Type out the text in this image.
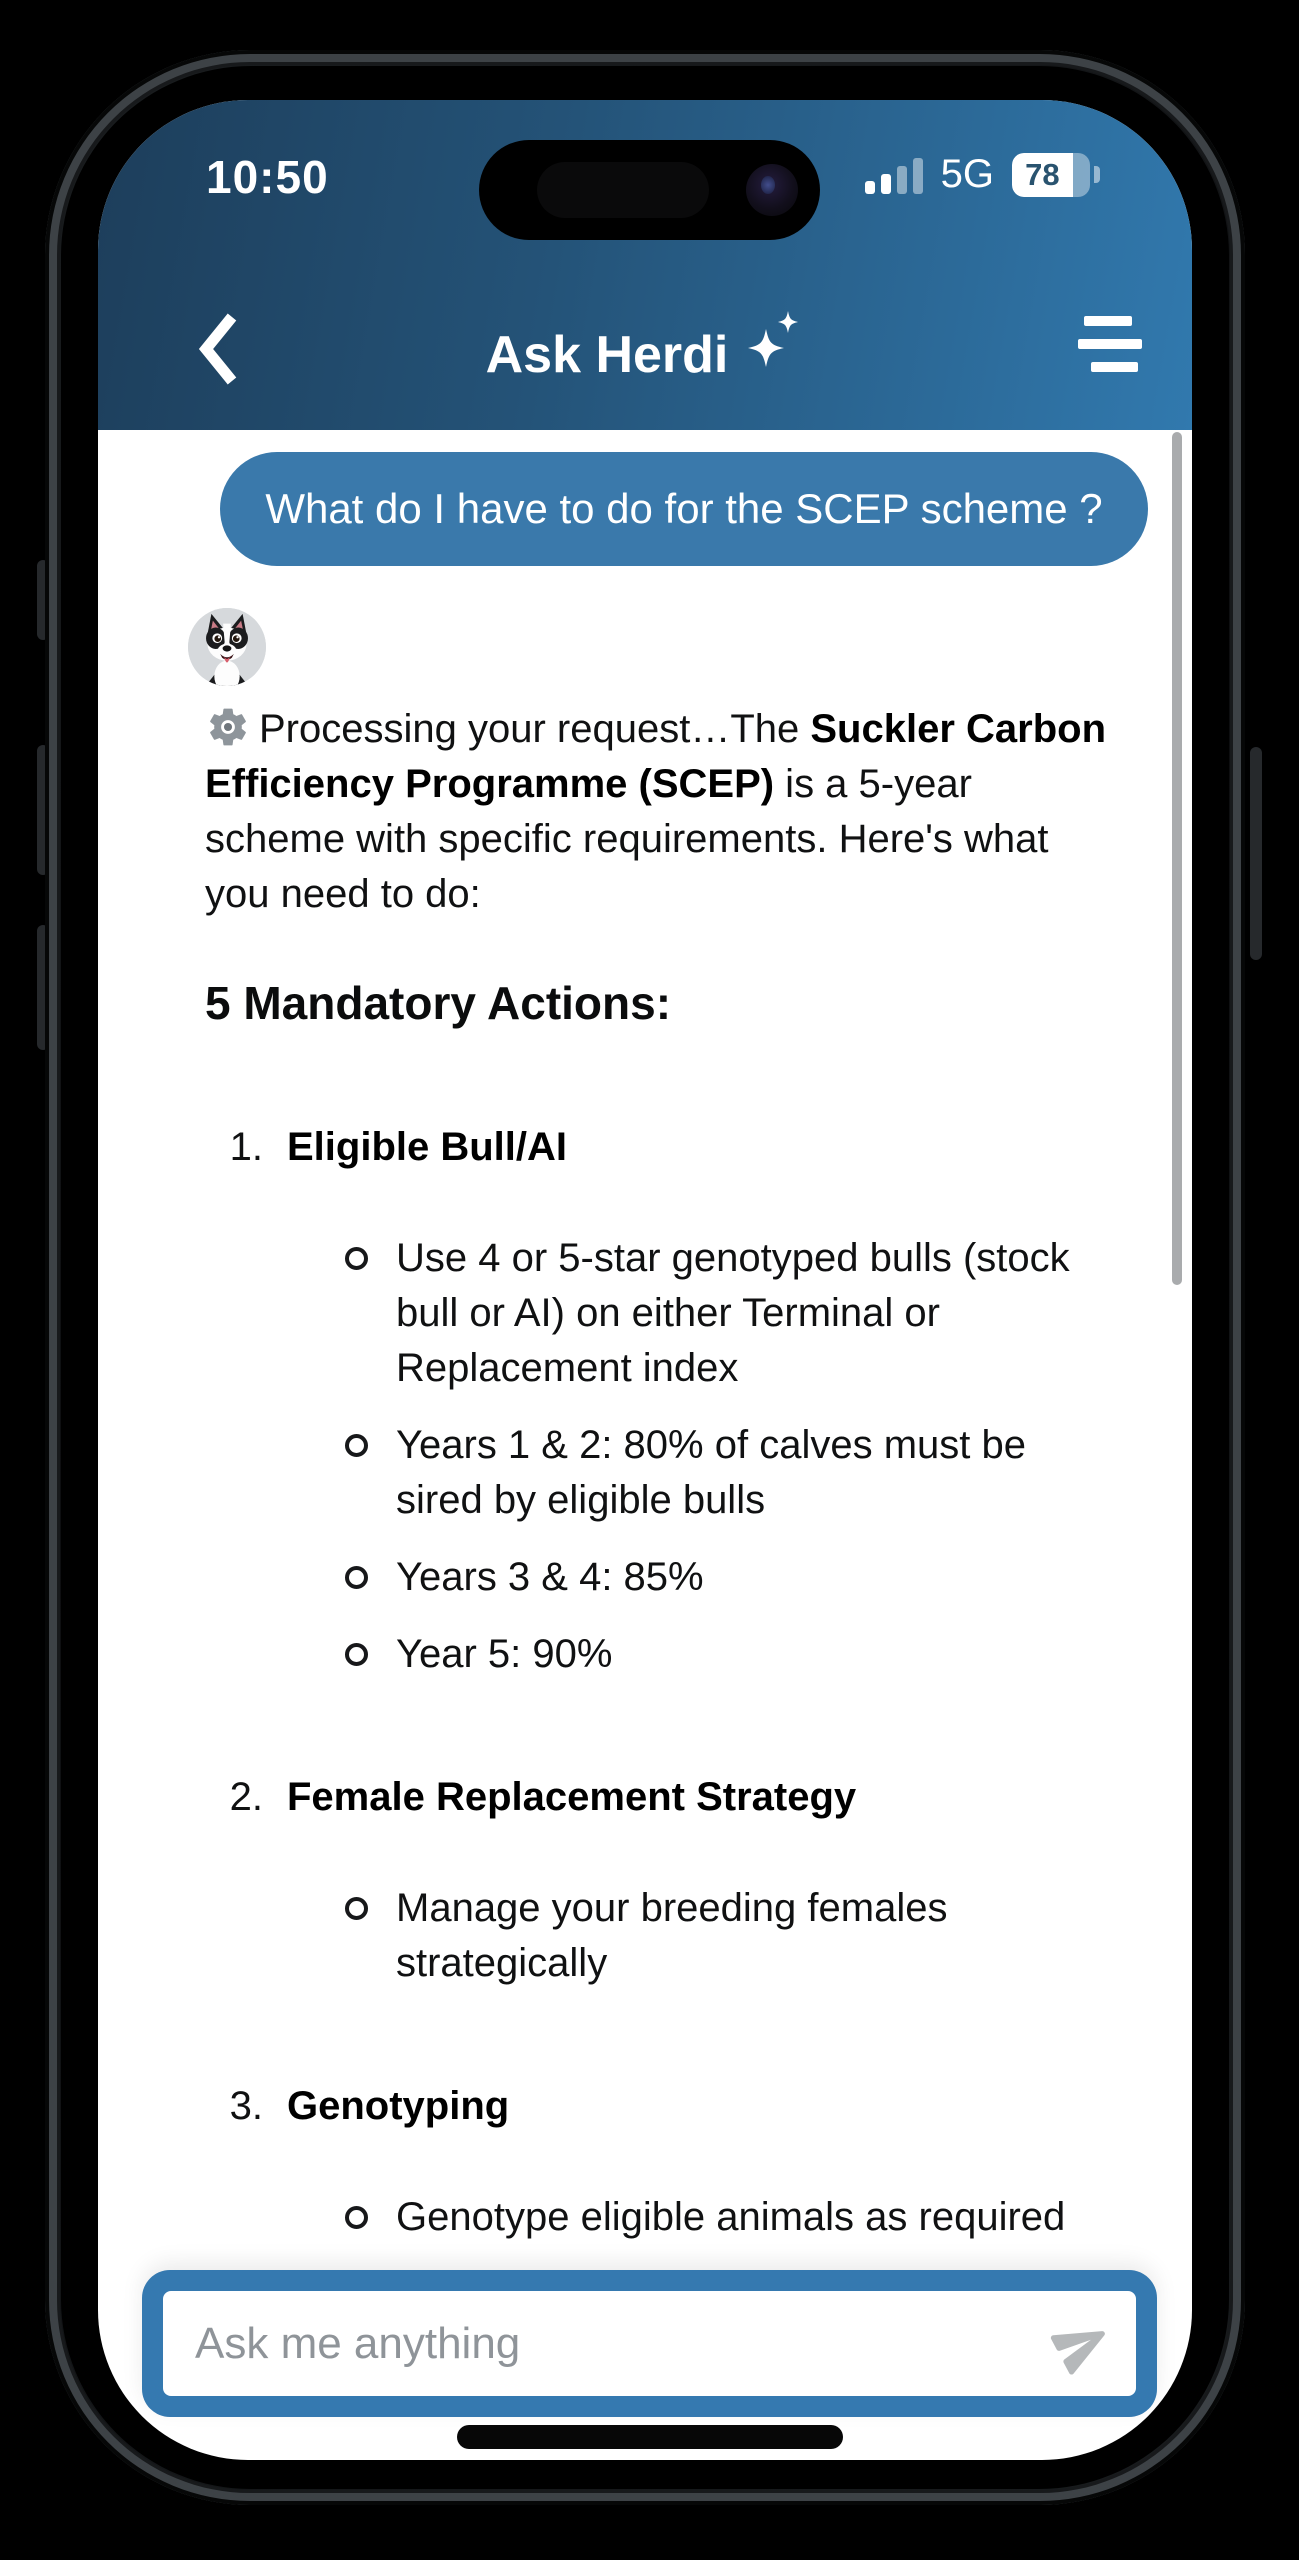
10:50	5G	78
Ask Herdi
What do I have to do for the SCEP scheme ?

Processing your request…The Suckler Carbon Efficiency Programme (SCEP) is a 5-year scheme with specific requirements. Here's what you need to do:

5 Mandatory Actions:
1. Eligible Bull/AI
Use 4 or 5-star genotyped bulls (stock bull or AI) on either Terminal or Replacement index
Years 1 & 2: 80% of calves must be sired by eligible bulls
Years 3 & 4: 85%
Year 5: 90%
2. Female Replacement Strategy
Manage your breeding females strategically
3. Genotyping
Genotype eligible animals as required
Ask me anything
